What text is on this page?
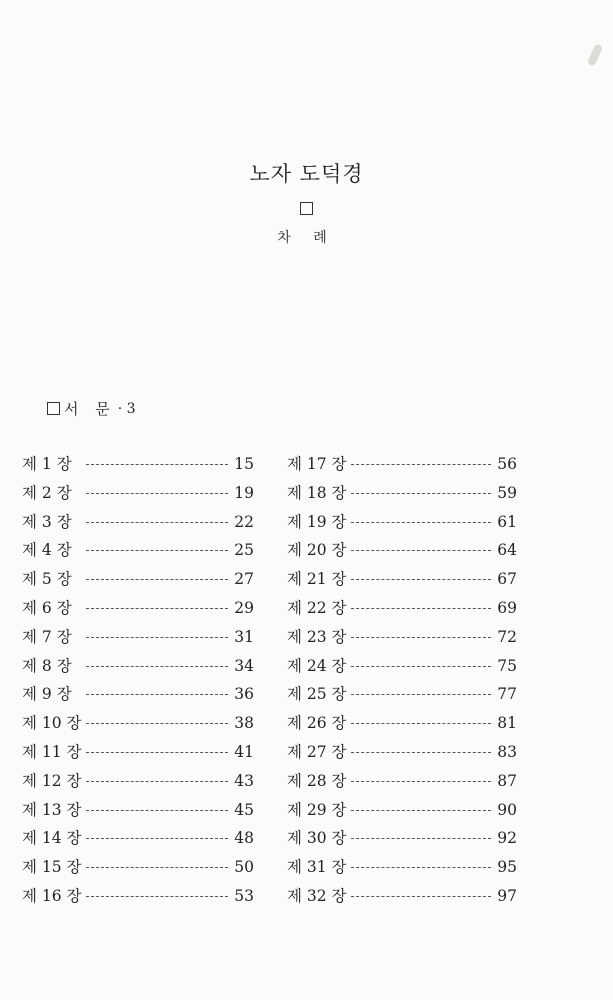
노자 도덕경
차 례
서 문 · 3
제 1 장	15
제 2 장	19
제 3 장	22
제 4 장	25
제 5 장	27
제 6 장	29
제 7 장	31
제 8 장	34
제 9 장	36
제 10 장	38
제 11 장	41
제 12 장	43
제 13 장	45
제 14 장	48
제 15 장	50
제 16 장	53
제 17 장	56
제 18 장	59
제 19 장	61
제 20 장	64
제 21 장	67
제 22 장	69
제 23 장	72
제 24 장	75
제 25 장	77
제 26 장	81
제 27 장	83
제 28 장	87
제 29 장	90
제 30 장	92
제 31 장	95
제 32 장	97
